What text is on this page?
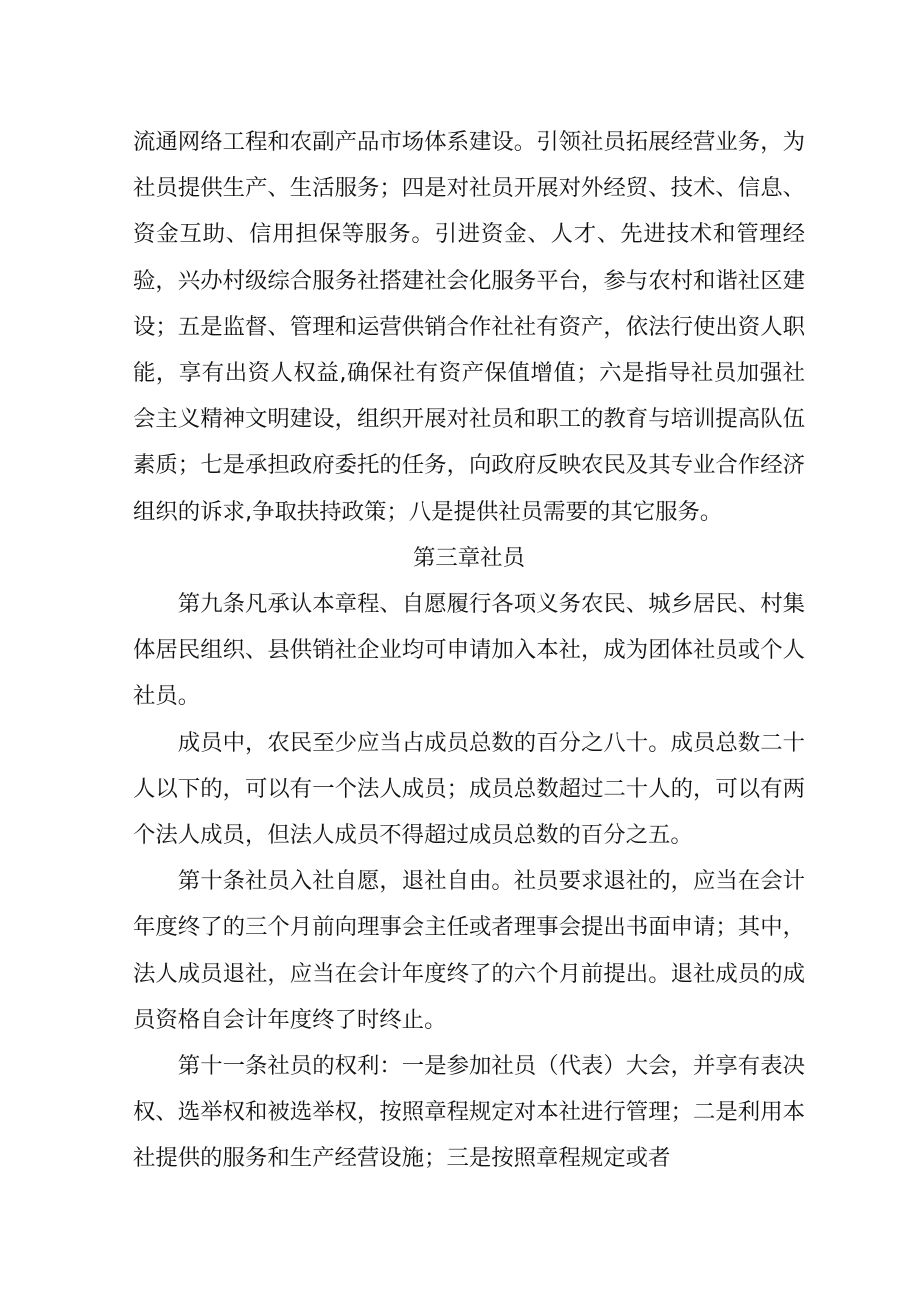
流通网络工程和农副产品市场体系建设。引领社员拓展经营业务，为社员提供生产、生活服务；四是对社员开展对外经贸、技术、信息、资金互助、信用担保等服务。引进资金、人才、先进技术和管理经验，兴办村级综合服务社搭建社会化服务平台，参与农村和谐社区建设；五是监督、管理和运营供销合作社社有资产，依法行使出资人职能，享有出资人权益,确保社有资产保值增值；六是指导社员加强社会主义精神文明建设，组织开展对社员和职工的教育与培训提高队伍素质；七是承担政府委托的任务，向政府反映农民及其专业合作经济组织的诉求,争取扶持政策；八是提供社员需要的其它服务。

第三章社员

第九条凡承认本章程、自愿履行各项义务农民、城乡居民、村集体居民组织、县供销社企业均可申请加入本社，成为团体社员或个人社员。

成员中，农民至少应当占成员总数的百分之八十。成员总数二十人以下的，可以有一个法人成员；成员总数超过二十人的，可以有两个法人成员，但法人成员不得超过成员总数的百分之五。

第十条社员入社自愿，退社自由。社员要求退社的，应当在会计年度终了的三个月前向理事会主任或者理事会提出书面申请；其中，法人成员退社，应当在会计年度终了的六个月前提出。退社成员的成员资格自会计年度终了时终止。

第十一条社员的权利：一是参加社员（代表）大会，并享有表决权、选举权和被选举权，按照章程规定对本社进行管理；二是利用本社提供的服务和生产经营设施；三是按照章程规定或者
